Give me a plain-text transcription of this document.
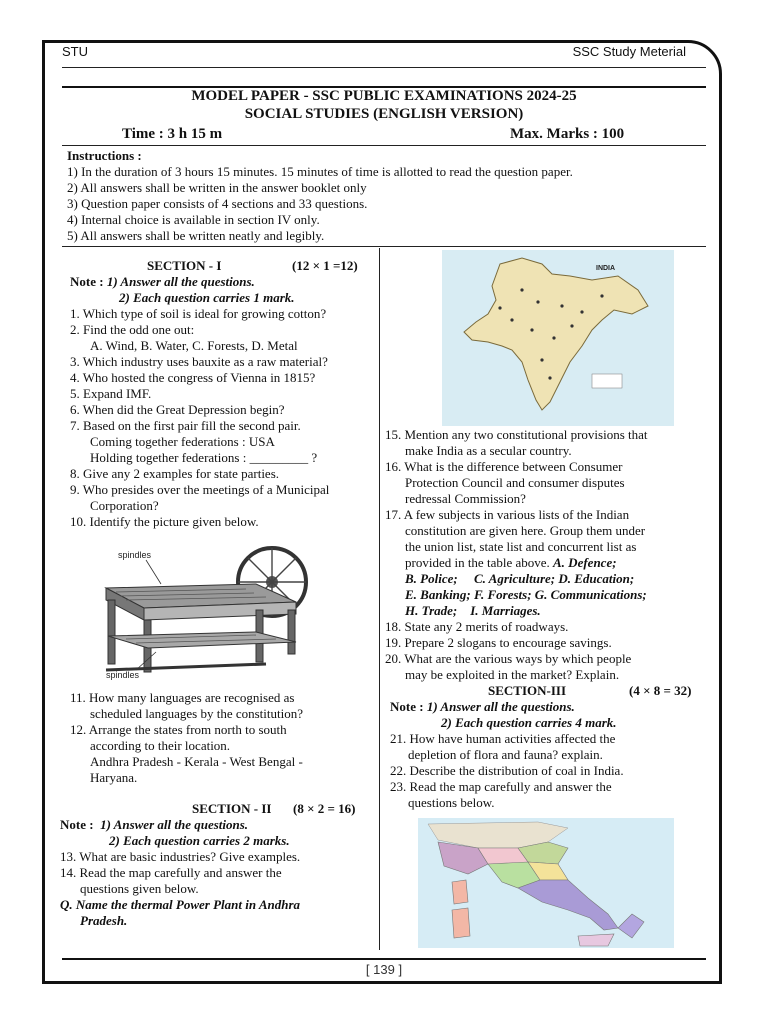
STU	SSC Study Meterial
MODEL PAPER - SSC PUBLIC EXAMINATIONS 2024-25
SOCIAL STUDIES (ENGLISH VERSION)
Time : 3 h 15 m	Max. Marks : 100
Instructions :
1) In the duration of 3 hours 15 minutes. 15 minutes of time is allotted to read the question paper.
2) All answers shall be written in the answer booklet only
3) Question paper consists of 4 sections and 33 questions.
4) Internal choice is available in section IV only.
5) All answers shall be written neatly and legibly.

SECTION - I	(12 × 1 =12)

Note : 1) Answer all the questions.

2) Each question carries 1 mark.

1. Which type of soil is ideal for growing cotton?

2. Find the odd one out:

A. Wind, B. Water, C. Forests, D. Metal

3. Which industry uses bauxite as a raw material?

4. Who hosted the congress of Vienna in 1815?

5. Expand IMF.

6. When did the Great Depression begin?

7. Based on the first pair fill the second pair.

Coming together federations : USA

Holding together federations : _________ ?

8. Give any 2 examples for state parties.

9. Who presides over the meetings of a Municipal

Corporation?

10. Identify the picture given below.

spindles
spindles

11. How many languages are recognised as

scheduled languages by the constitution?

12. Arrange the states from north to south

according to their location.

Andhra Pradesh - Kerala - West Bengal -

Haryana.

SECTION - II (8 × 2 = 16)

Note : 1) Answer all the questions.

2) Each question carries 2 marks.

13. What are basic industries? Give examples.

14. Read the map carefully and answer the

questions given below.

Q. Name the thermal Power Plant in Andhra

Pradesh.

INDIA

15. Mention any two constitutional provisions that

make India as a secular country.

16. What is the difference between Consumer

Protection Council and consumer disputes

redressal Commission?

17. A few subjects in various lists of the Indian

constitution are given here. Group them under

the union list, state list and concurrent list as

provided in the table above. A. Defence;

B. Police;     C. Agriculture; D. Education;

E. Banking; F. Forests; G. Communications;

H. Trade;    I. Marriages.

18. State any 2 merits of roadways.

19. Prepare 2 slogans to encourage savings.

20. What are the various ways by which people

may be exploited in the market? Explain.

SECTION-III	(4 × 8 = 32)

Note : 1) Answer all the questions.

2) Each question carries 4 mark.

21. How have human activities affected the

depletion of flora and fauna? explain.

22. Describe the distribution of coal in India.

23. Read the map carefully and answer the

questions below.

[ 139 ]
